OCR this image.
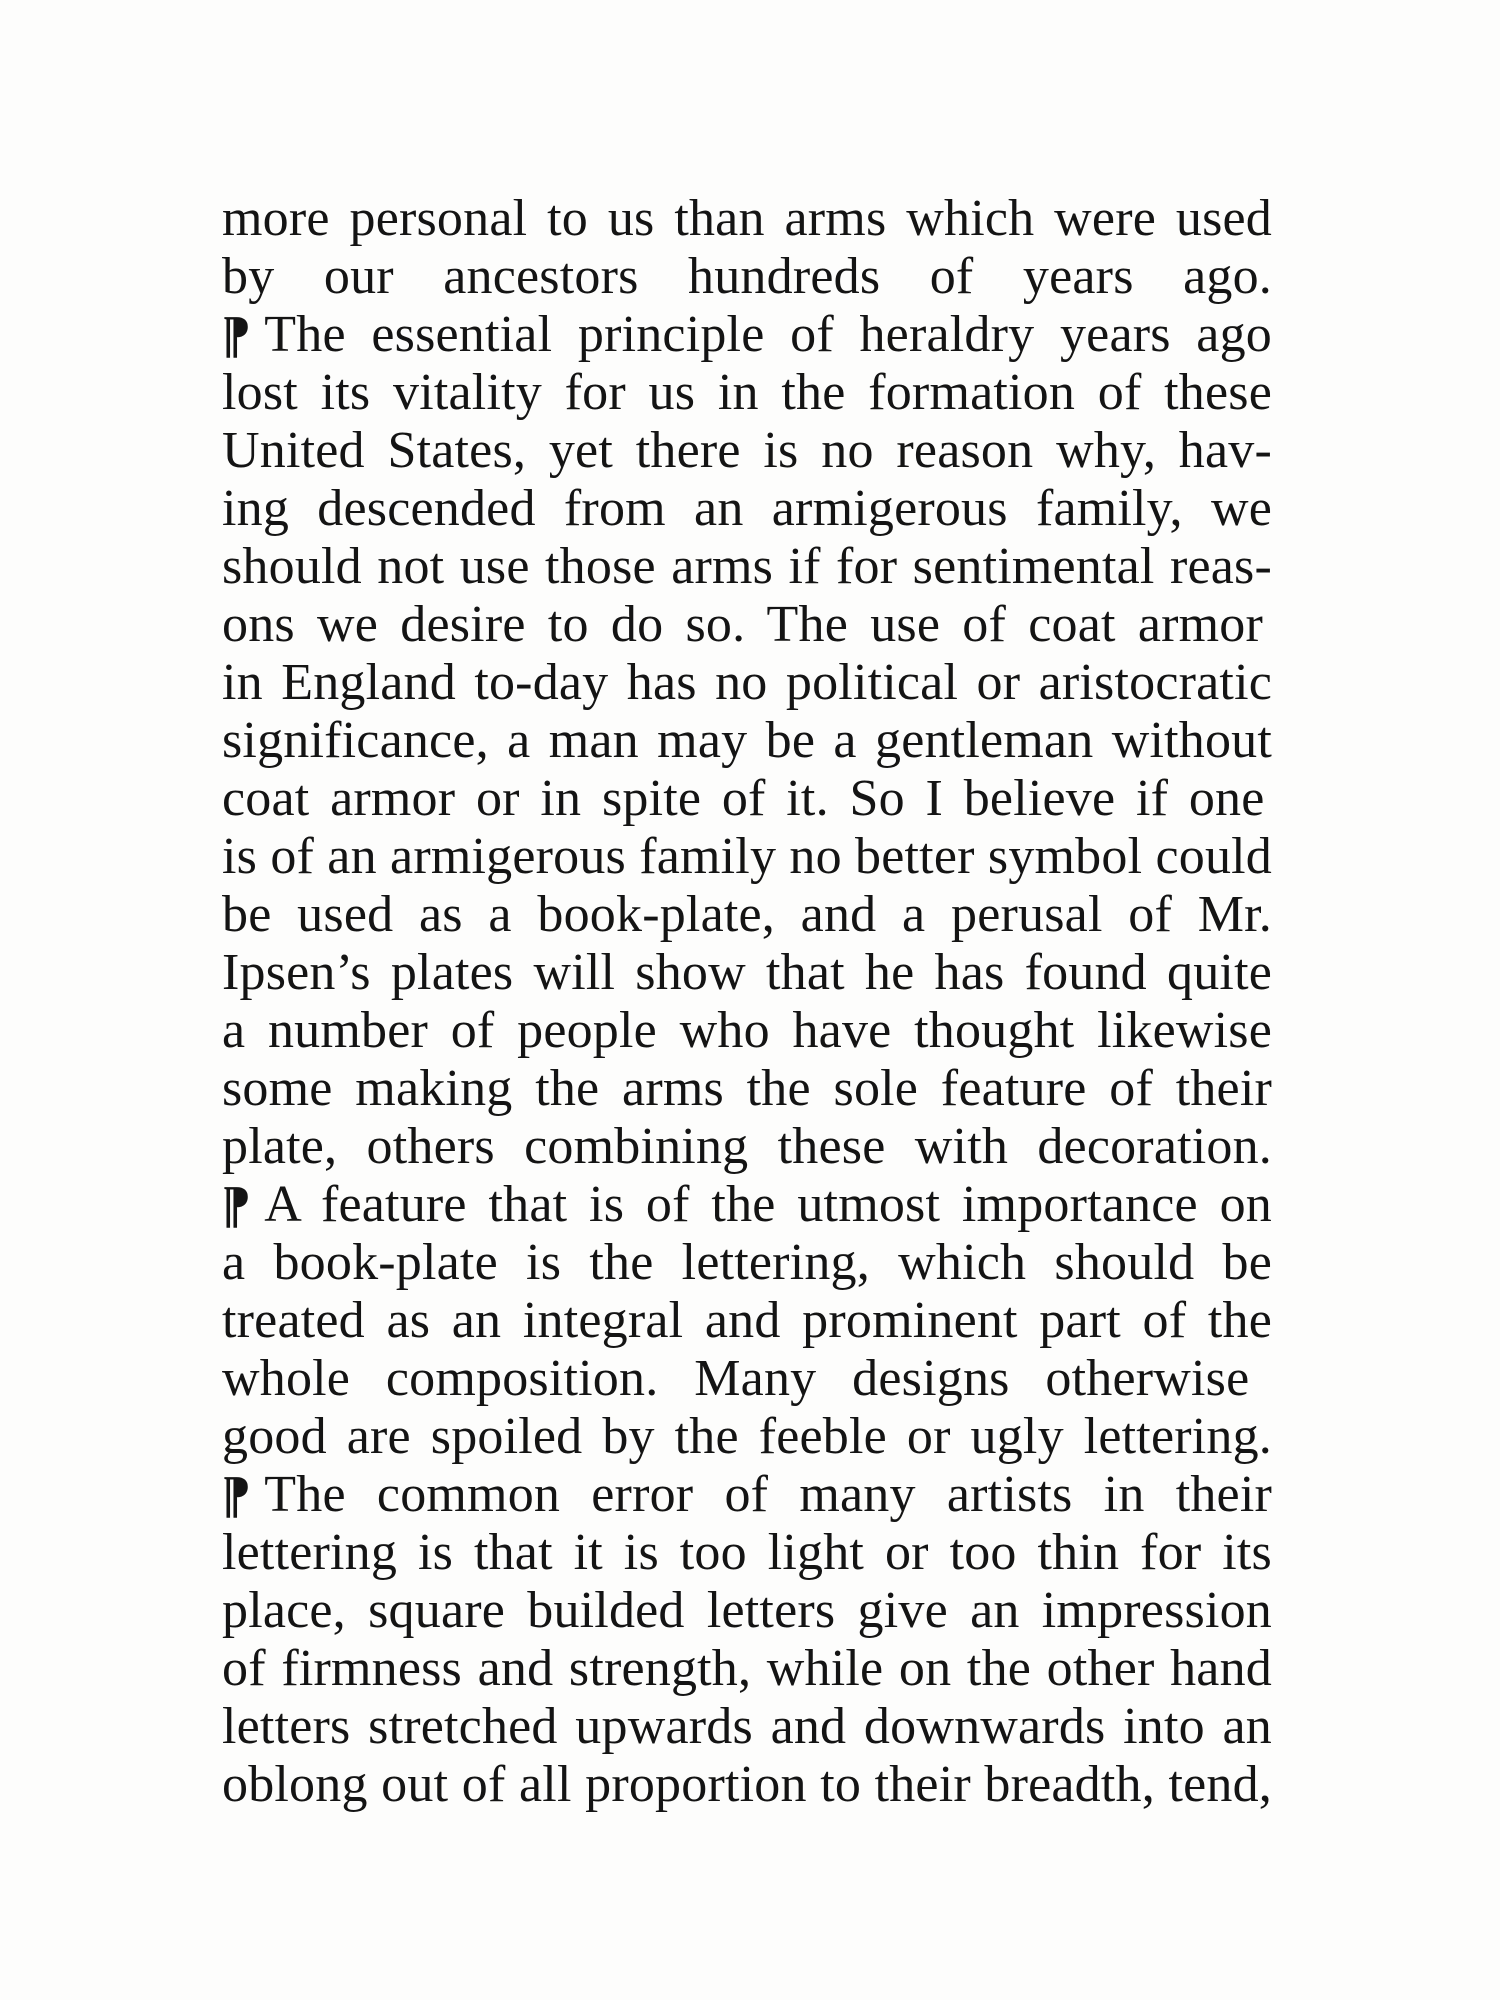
more personal to us than arms which were used
by our ancestors hundreds of years ago.
¶ The essential principle of heraldry years ago
lost its vitality for us in the formation of these
United States, yet there is no reason why, hav-
ing descended from an armigerous family, we
should not use those arms if for sentimental reas-
ons we desire to do so. The use of coat armor
in England to-day has no political or aristocratic
significance, a man may be a gentleman without
coat armor or in spite of it. So I believe if one
is of an armigerous family no better symbol could
be used as a book-plate, and a perusal of Mr.
Ipsen’s plates will show that he has found quite
a number of people who have thought likewise
some making the arms the sole feature of their
plate, others combining these with decoration.
¶ A feature that is of the utmost importance on
a book-plate is the lettering, which should be
treated as an integral and prominent part of the
whole composition. Many designs otherwise
good are spoiled by the feeble or ugly lettering.
¶ The common error of many artists in their
lettering is that it is too light or too thin for its
place, square builded letters give an impression
of firmness and strength, while on the other hand
letters stretched upwards and downwards into an
oblong out of all proportion to their breadth, tend,
